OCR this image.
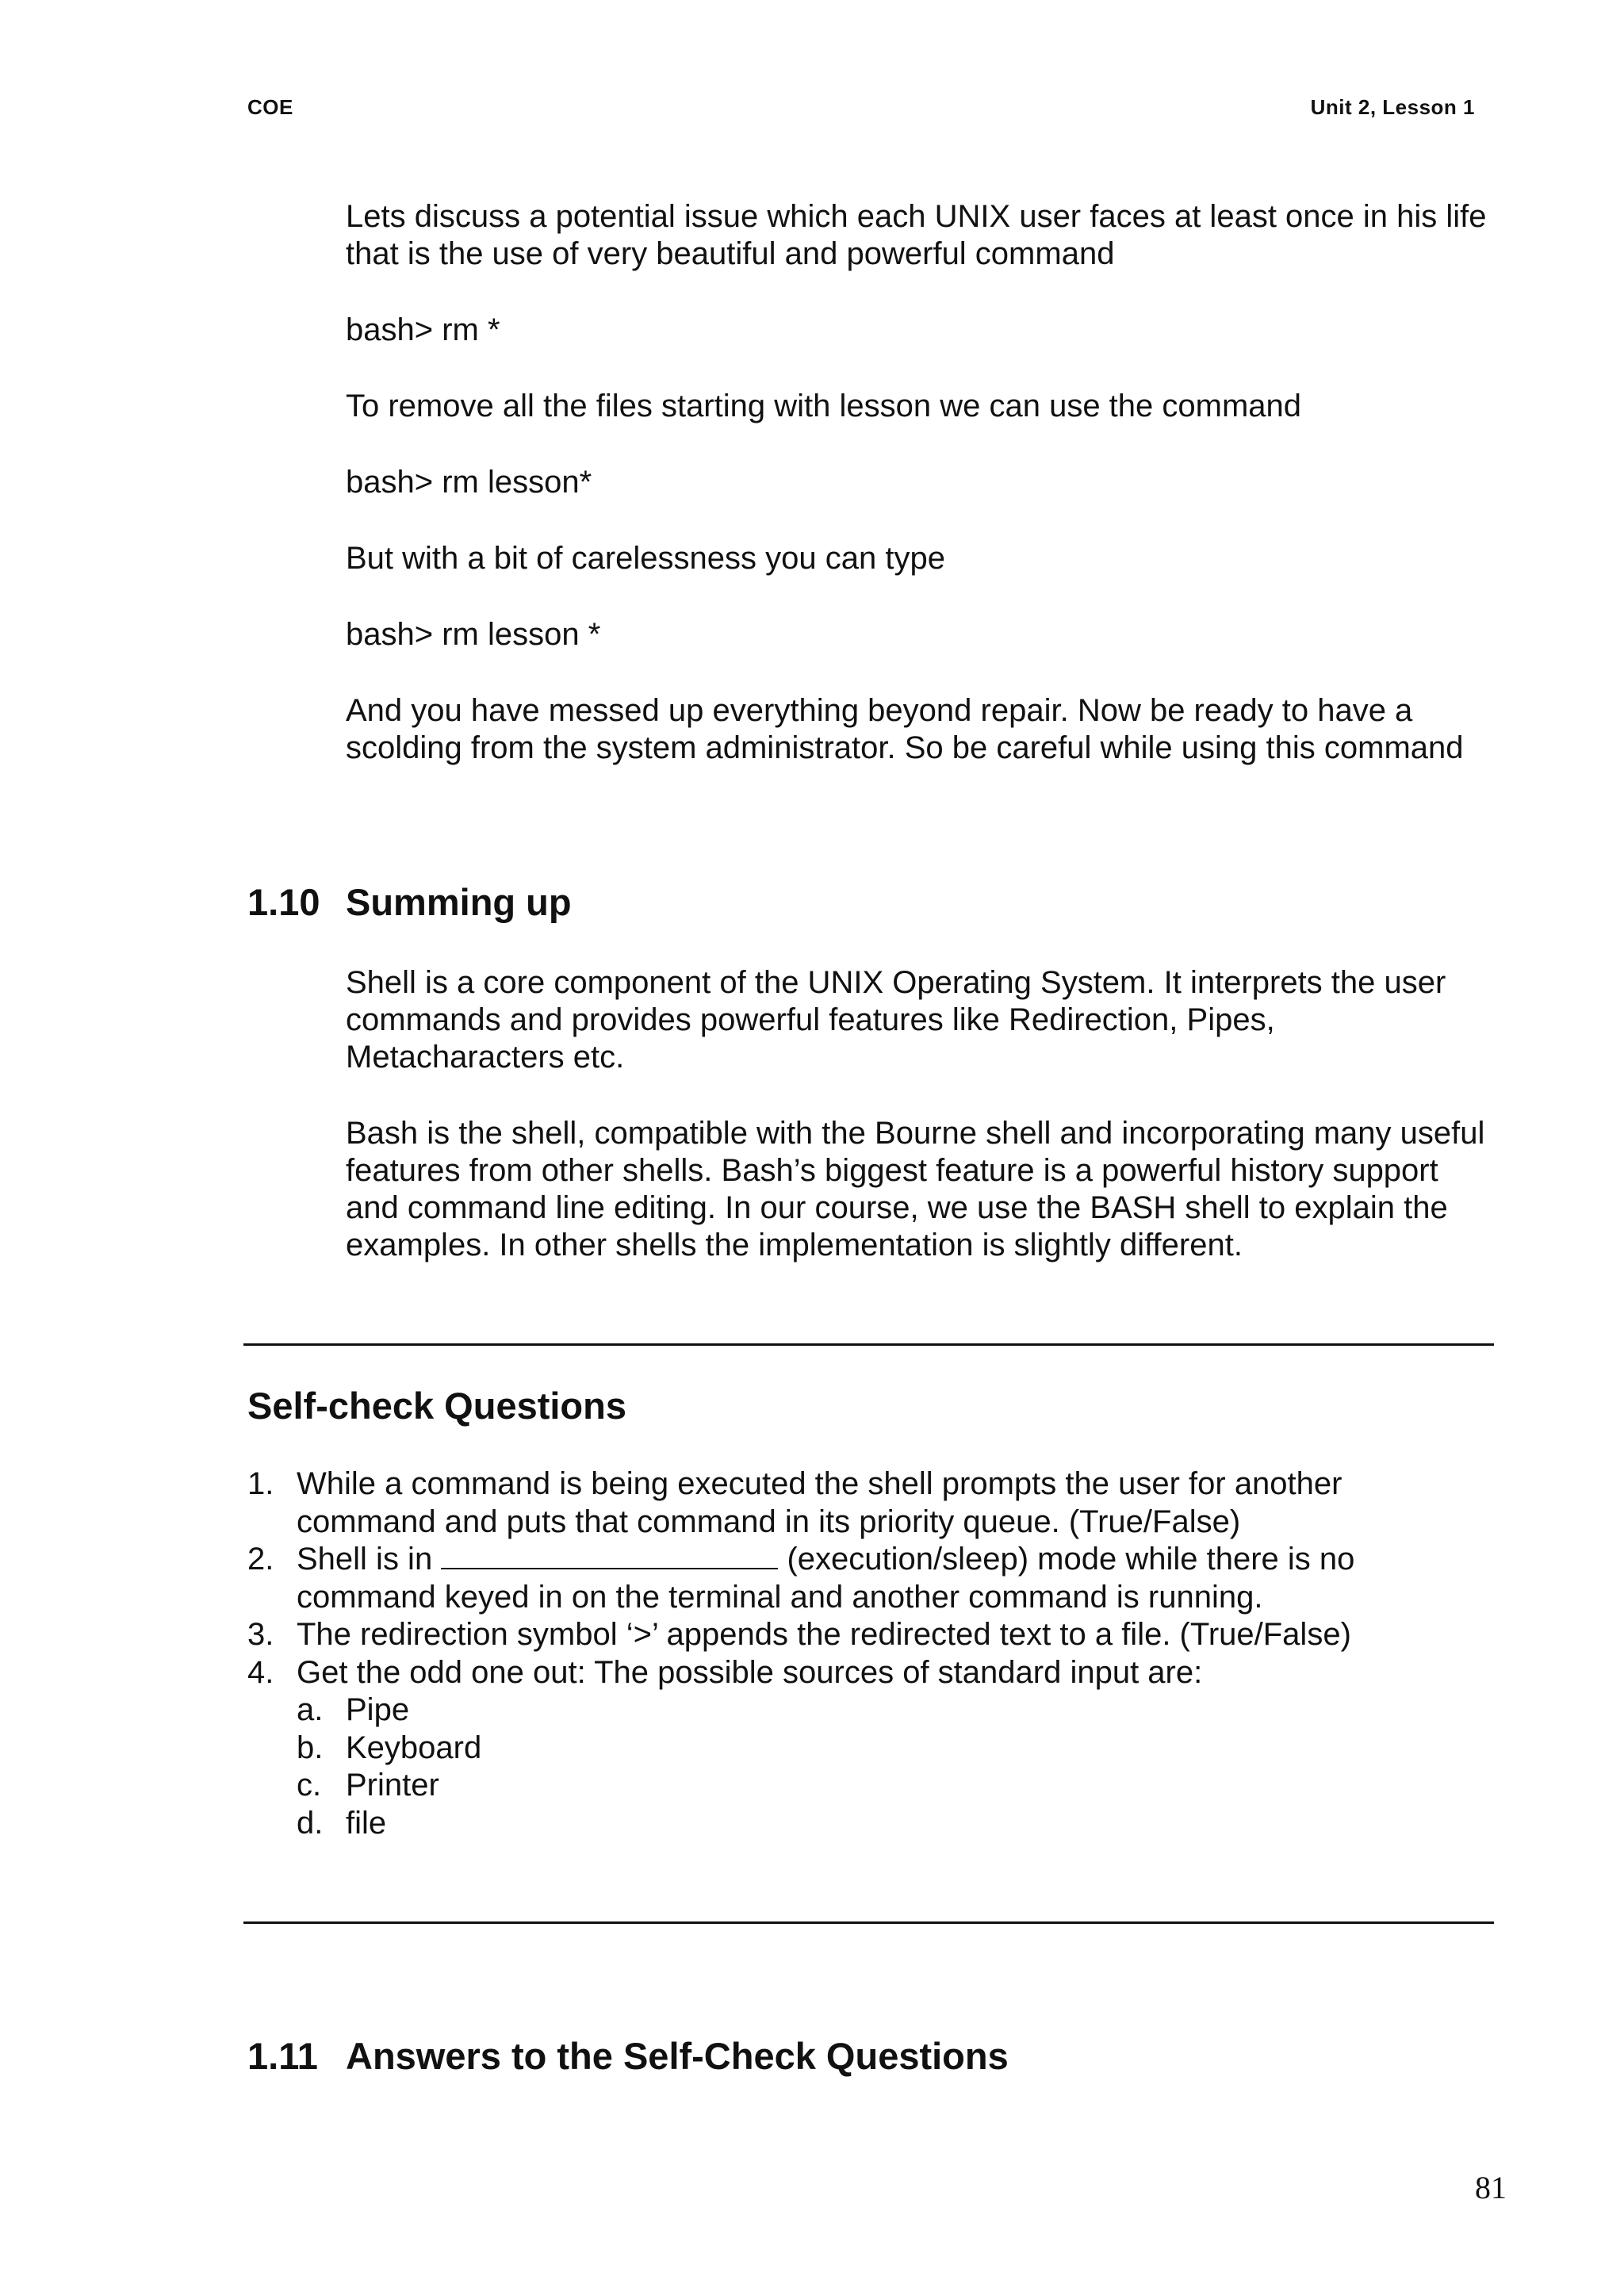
COE	Unit 2, Lesson 1

Lets discuss a potential issue which each UNIX user faces at least once in his life that is the use of very beautiful and powerful command

bash> rm *

To remove all the files starting with lesson we can use the command

bash> rm lesson*

But with a bit of carelessness you can type

bash> rm lesson *

And you have messed up everything beyond repair. Now be ready to have a scolding from the system administrator. So be careful while using this command

1.10 Summing up

Shell is a core component of the UNIX Operating System. It interprets the user commands and provides powerful features like Redirection, Pipes, Metacharacters etc.

Bash is the shell, compatible with the Bourne shell and incorporating many useful features from other shells. Bash’s biggest feature is a powerful history support and command line editing. In our course, we use the BASH shell to explain the examples. In other shells the implementation is slightly different.

Self-check Questions
1. While a command is being executed the shell prompts the user for another command and puts that command in its priority queue. (True/False)
2. Shell is in	(execution/sleep) mode while there is no command keyed in on the terminal and another command is running.
3. The redirection symbol ‘>’ appends the redirected text to a file. (True/False)
4. Get the odd one out: The possible sources of standard input are:
a. Pipe
b. Keyboard
c. Printer
d. file
1.11 Answers to the Self-Check Questions
81
